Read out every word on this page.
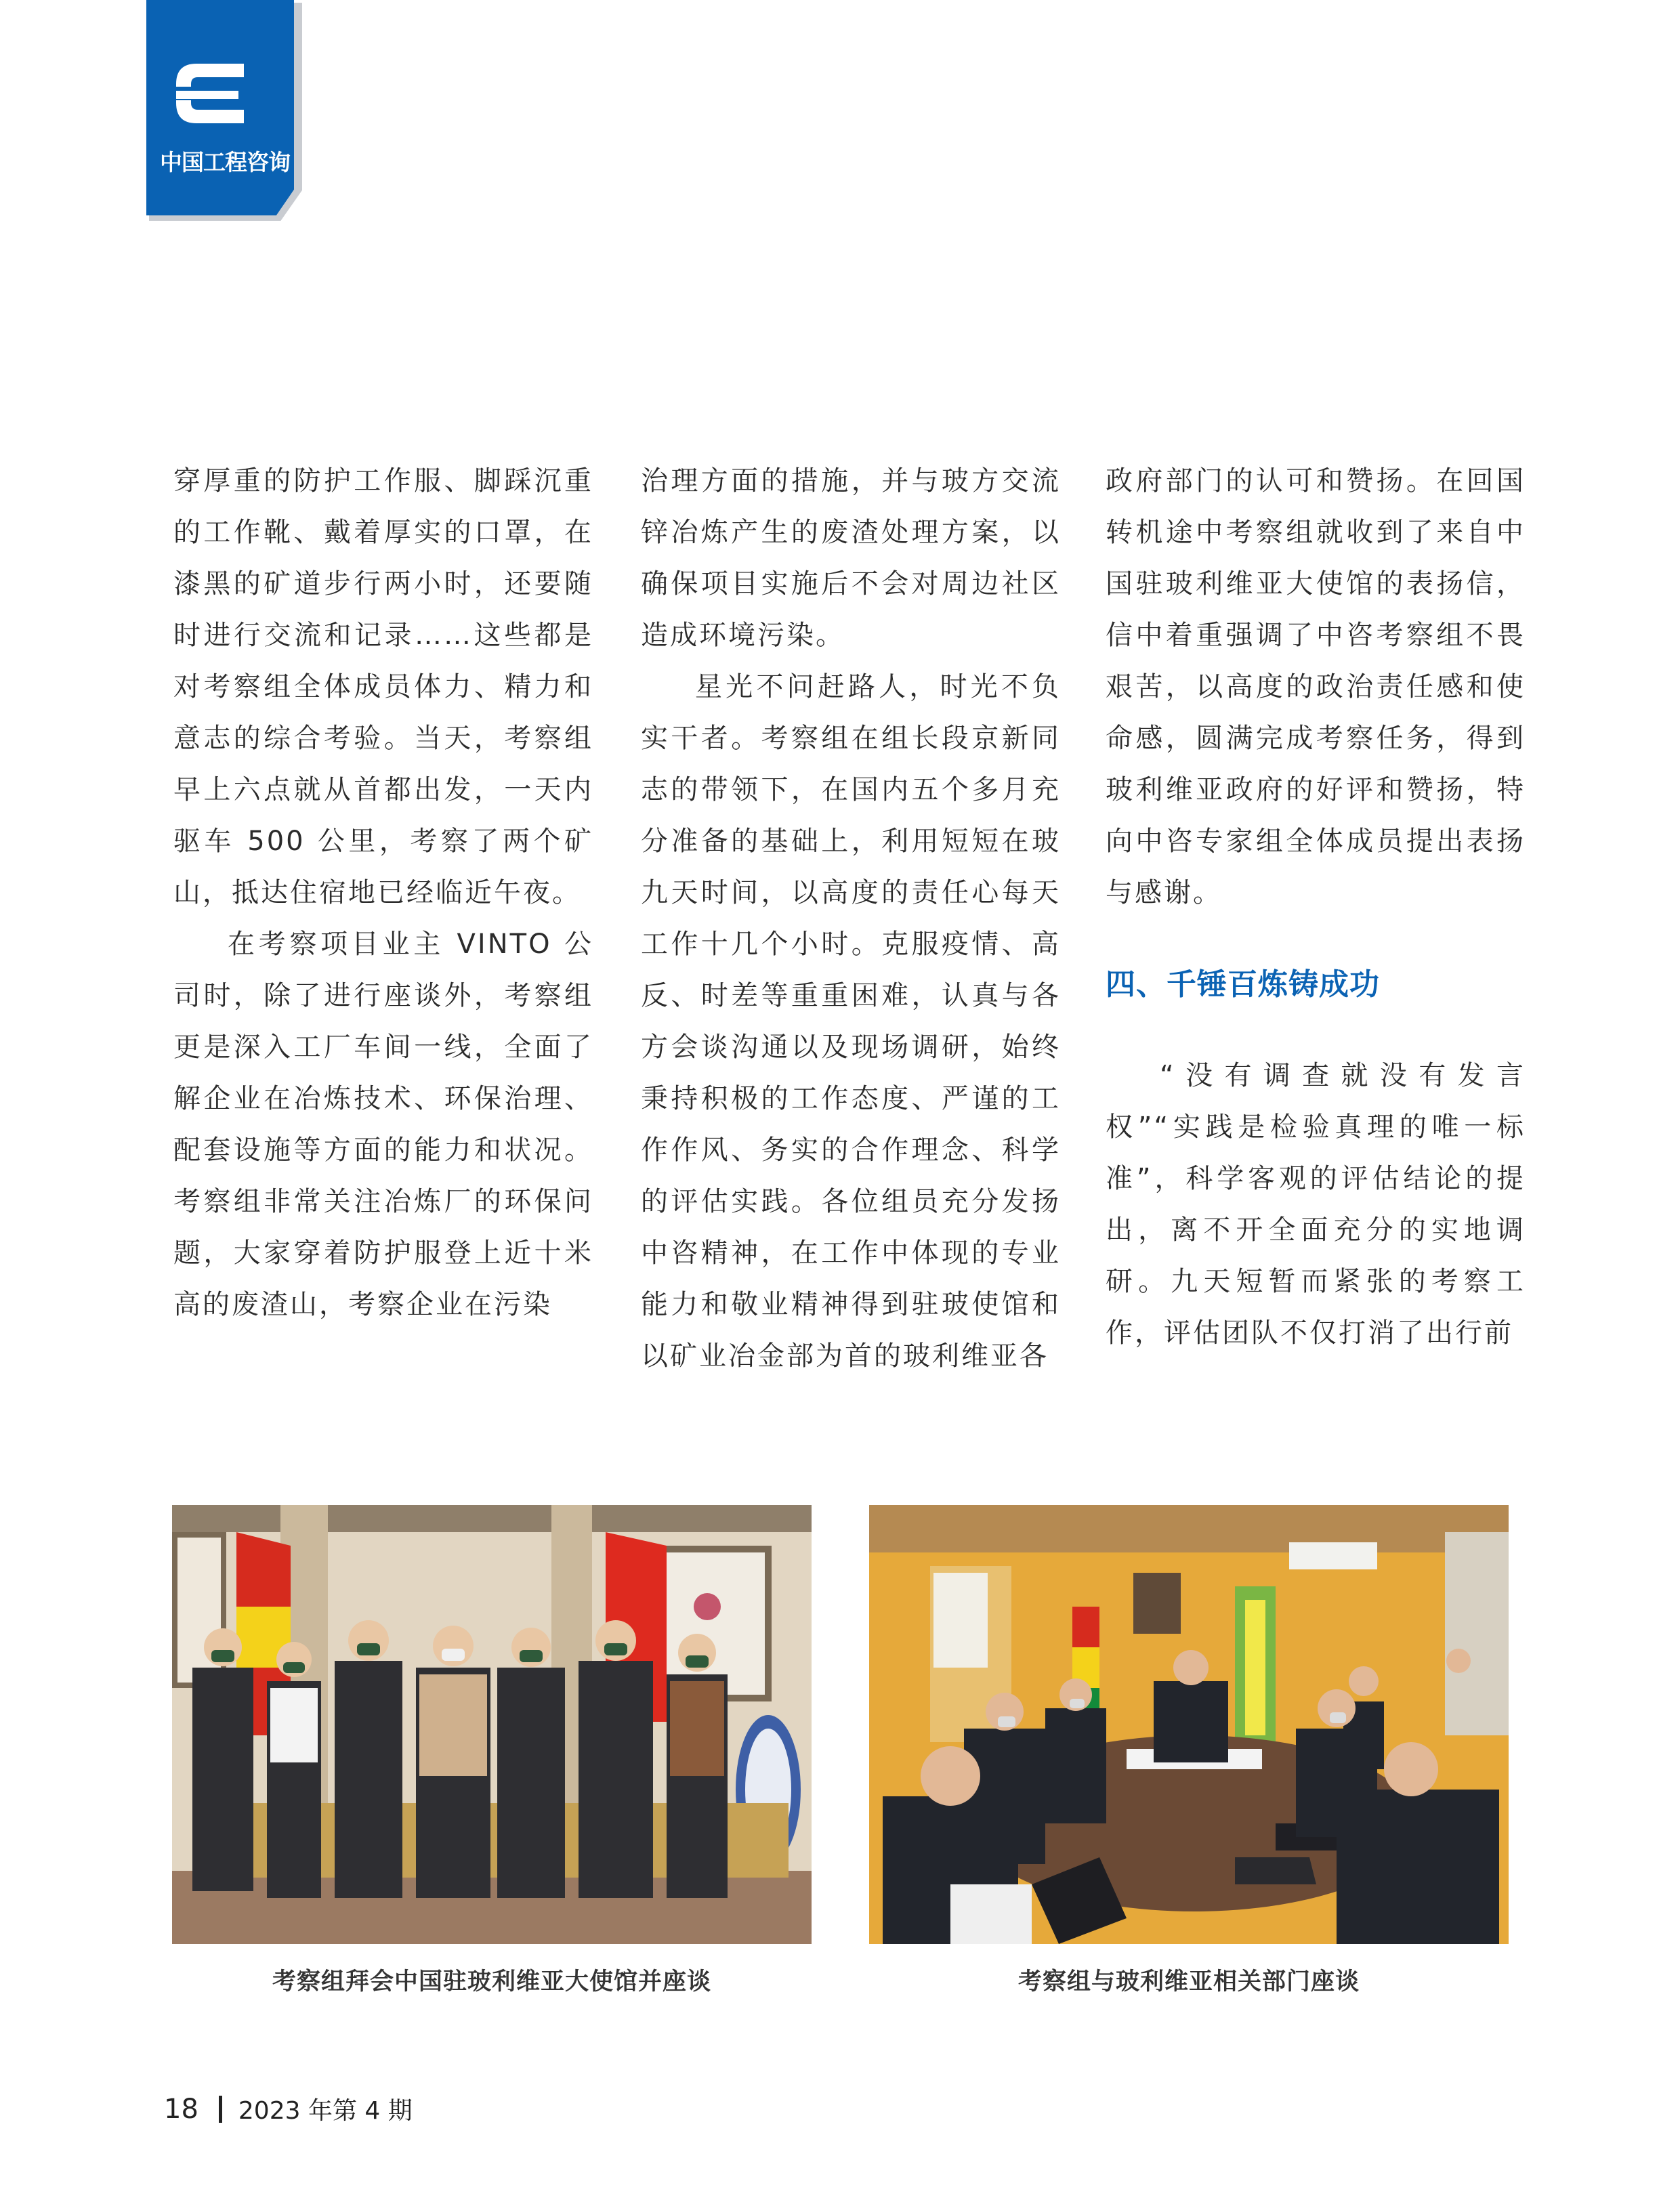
中国工程咨询

穿厚重的防护工作服、脚踩沉重的工作靴、戴着厚实的口罩，在漆黑的矿道步行两小时，还要随时进行交流和记录……这些都是对考察组全体成员体力、精力和意志的综合考验。当天，考察组早上六点就从首都出发，一天内驱车 500 公里，考察了两个矿山，抵达住宿地已经临近午夜。

在考察项目业主 VINTO 公司时，除了进行座谈外，考察组更是深入工厂车间一线，全面了解企业在冶炼技术、环保治理、配套设施等方面的能力和状况。考察组非常关注冶炼厂的环保问题，大家穿着防护服登上近十米高的废渣山，考察企业在污染

治理方面的措施，并与玻方交流锌冶炼产生的废渣处理方案，以确保项目实施后不会对周边社区造成环境污染。

星光不问赶路人，时光不负实干者。考察组在组长段京新同志的带领下，在国内五个多月充分准备的基础上，利用短短在玻九天时间，以高度的责任心每天工作十几个小时。克服疫情、高反、时差等重重困难，认真与各方会谈沟通以及现场调研，始终秉持积极的工作态度、严谨的工作作风、务实的合作理念、科学的评估实践。各位组员充分发扬中咨精神，在工作中体现的专业能力和敬业精神得到驻玻使馆和以矿业冶金部为首的玻利维亚各

政府部门的认可和赞扬。在回国转机途中考察组就收到了来自中国驻玻利维亚大使馆的表扬信，信中着重强调了中咨考察组不畏艰苦，以高度的政治责任感和使命感，圆满完成考察任务，得到玻利维亚政府的好评和赞扬，特向中咨专家组全体成员提出表扬与感谢。

四、千锤百炼铸成功

“没有调查就没有发言权”“实践是检验真理的唯一标准”，科学客观的评估结论的提出，离不开全面充分的实地调研。九天短暂而紧张的考察工作，评估团队不仅打消了出行前

考察组拜会中国驻玻利维亚大使馆并座谈	考察组与玻利维亚相关部门座谈
18 2023 年第 4 期
